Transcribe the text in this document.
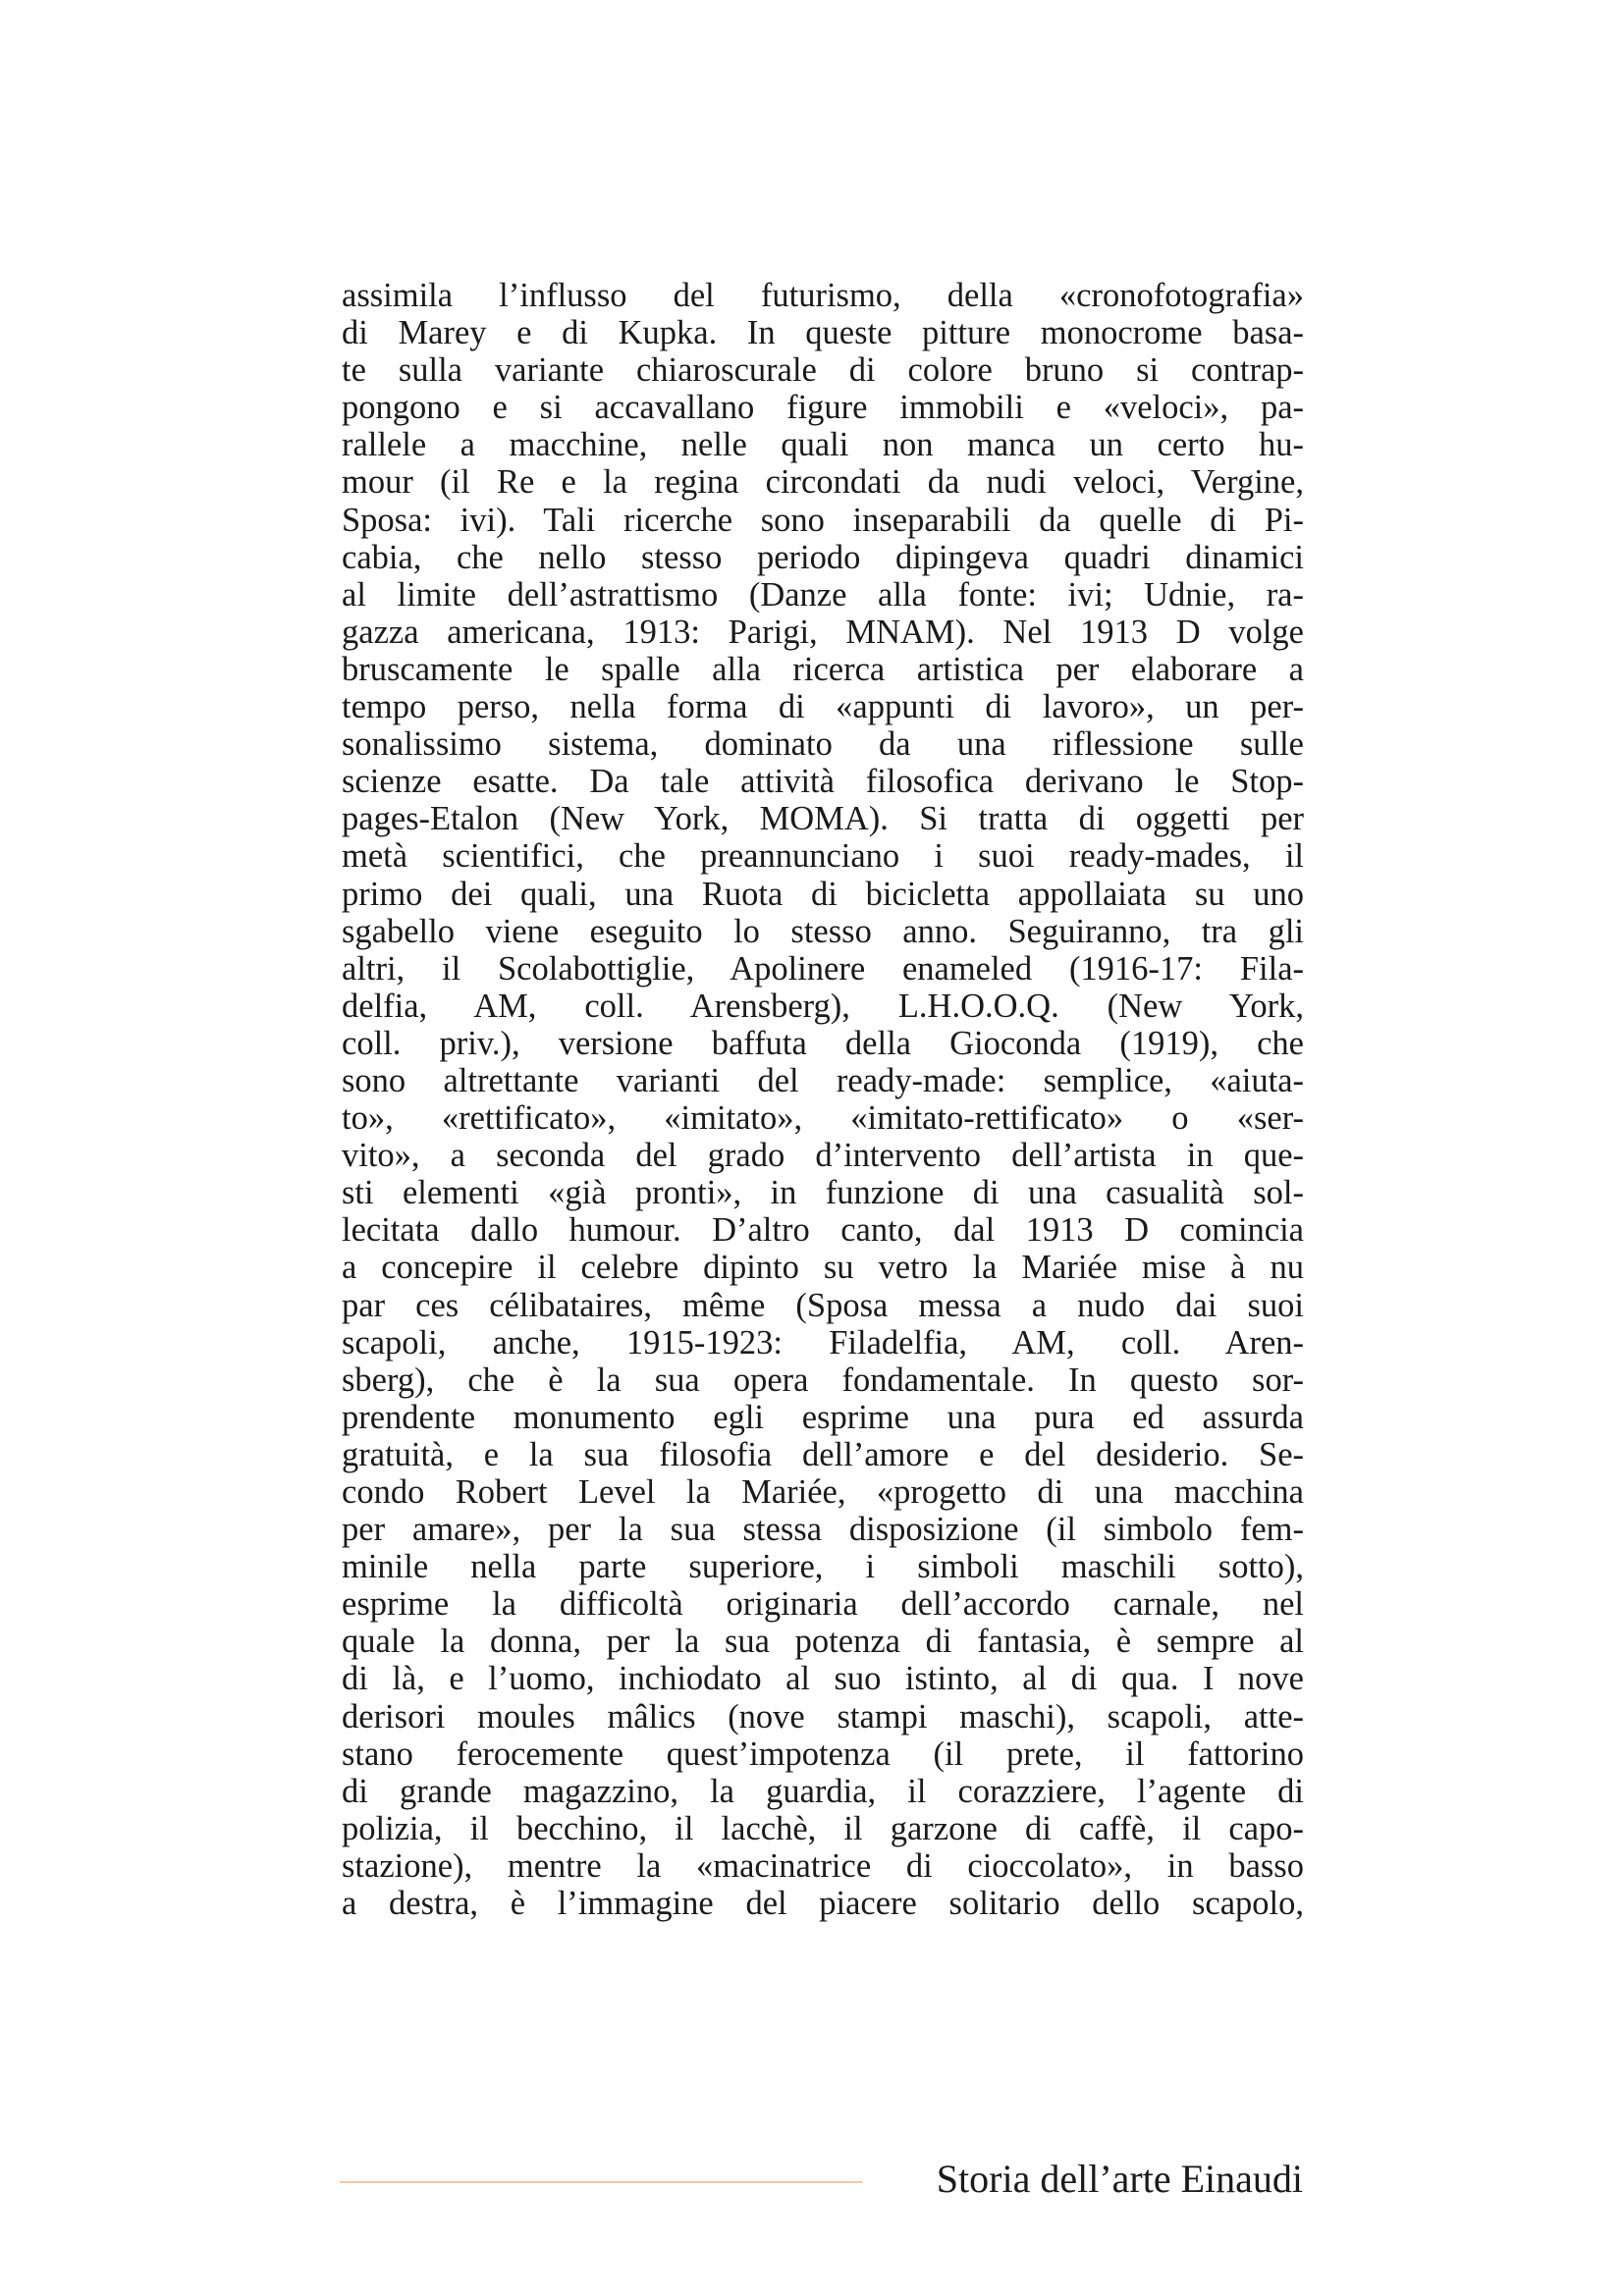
assimila l’influsso del futurismo, della «cronofotografia»
di Marey e di Kupka. In queste pitture monocrome basa-
te sulla variante chiaroscurale di colore bruno si contrap-
pongono e si accavallano figure immobili e «veloci», pa-
rallele a macchine, nelle quali non manca un certo hu-
mour (il Re e la regina circondati da nudi veloci, Vergine,
Sposa: ivi). Tali ricerche sono inseparabili da quelle di Pi-
cabia, che nello stesso periodo dipingeva quadri dinamici
al limite dell’astrattismo (Danze alla fonte: ivi; Udnie, ra-
gazza americana, 1913: Parigi, MNAM). Nel 1913 D volge
bruscamente le spalle alla ricerca artistica per elaborare a
tempo perso, nella forma di «appunti di lavoro», un per-
sonalissimo sistema, dominato da una riflessione sulle
scienze esatte. Da tale attività filosofica derivano le Stop-
pages-Etalon (New York, MOMA). Si tratta di oggetti per
metà scientifici, che preannunciano i suoi ready-mades, il
primo dei quali, una Ruota di bicicletta appollaiata su uno
sgabello viene eseguito lo stesso anno. Seguiranno, tra gli
altri, il Scolabottiglie, Apolinere enameled (1916-17: Fila-
delfia, AM, coll. Arensberg), L.H.O.O.Q. (New York,
coll. priv.), versione baffuta della Gioconda (1919), che
sono altrettante varianti del ready-made: semplice, «aiuta-
to», «rettificato», «imitato», «imitato-rettificato» o «ser-
vito», a seconda del grado d’intervento dell’artista in que-
sti elementi «già pronti», in funzione di una casualità sol-
lecitata dallo humour. D’altro canto, dal 1913 D comincia
a concepire il celebre dipinto su vetro la Mariée mise à nu
par ces célibataires, même (Sposa messa a nudo dai suoi
scapoli, anche, 1915-1923: Filadelfia, AM, coll. Aren-
sberg), che è la sua opera fondamentale. In questo sor-
prendente monumento egli esprime una pura ed assurda
gratuità, e la sua filosofia dell’amore e del desiderio. Se-
condo Robert Level la Mariée, «progetto di una macchina
per amare», per la sua stessa disposizione (il simbolo fem-
minile nella parte superiore, i simboli maschili sotto),
esprime la difficoltà originaria dell’accordo carnale, nel
quale la donna, per la sua potenza di fantasia, è sempre al
di là, e l’uomo, inchiodato al suo istinto, al di qua. I nove
derisori moules mâlics (nove stampi maschi), scapoli, atte-
stano ferocemente quest’impotenza (il prete, il fattorino
di grande magazzino, la guardia, il corazziere, l’agente di
polizia, il becchino, il lacchè, il garzone di caffè, il capo-
stazione), mentre la «macinatrice di cioccolato», in basso
a destra, è l’immagine del piacere solitario dello scapolo,
Storia dell’arte Einaudi
